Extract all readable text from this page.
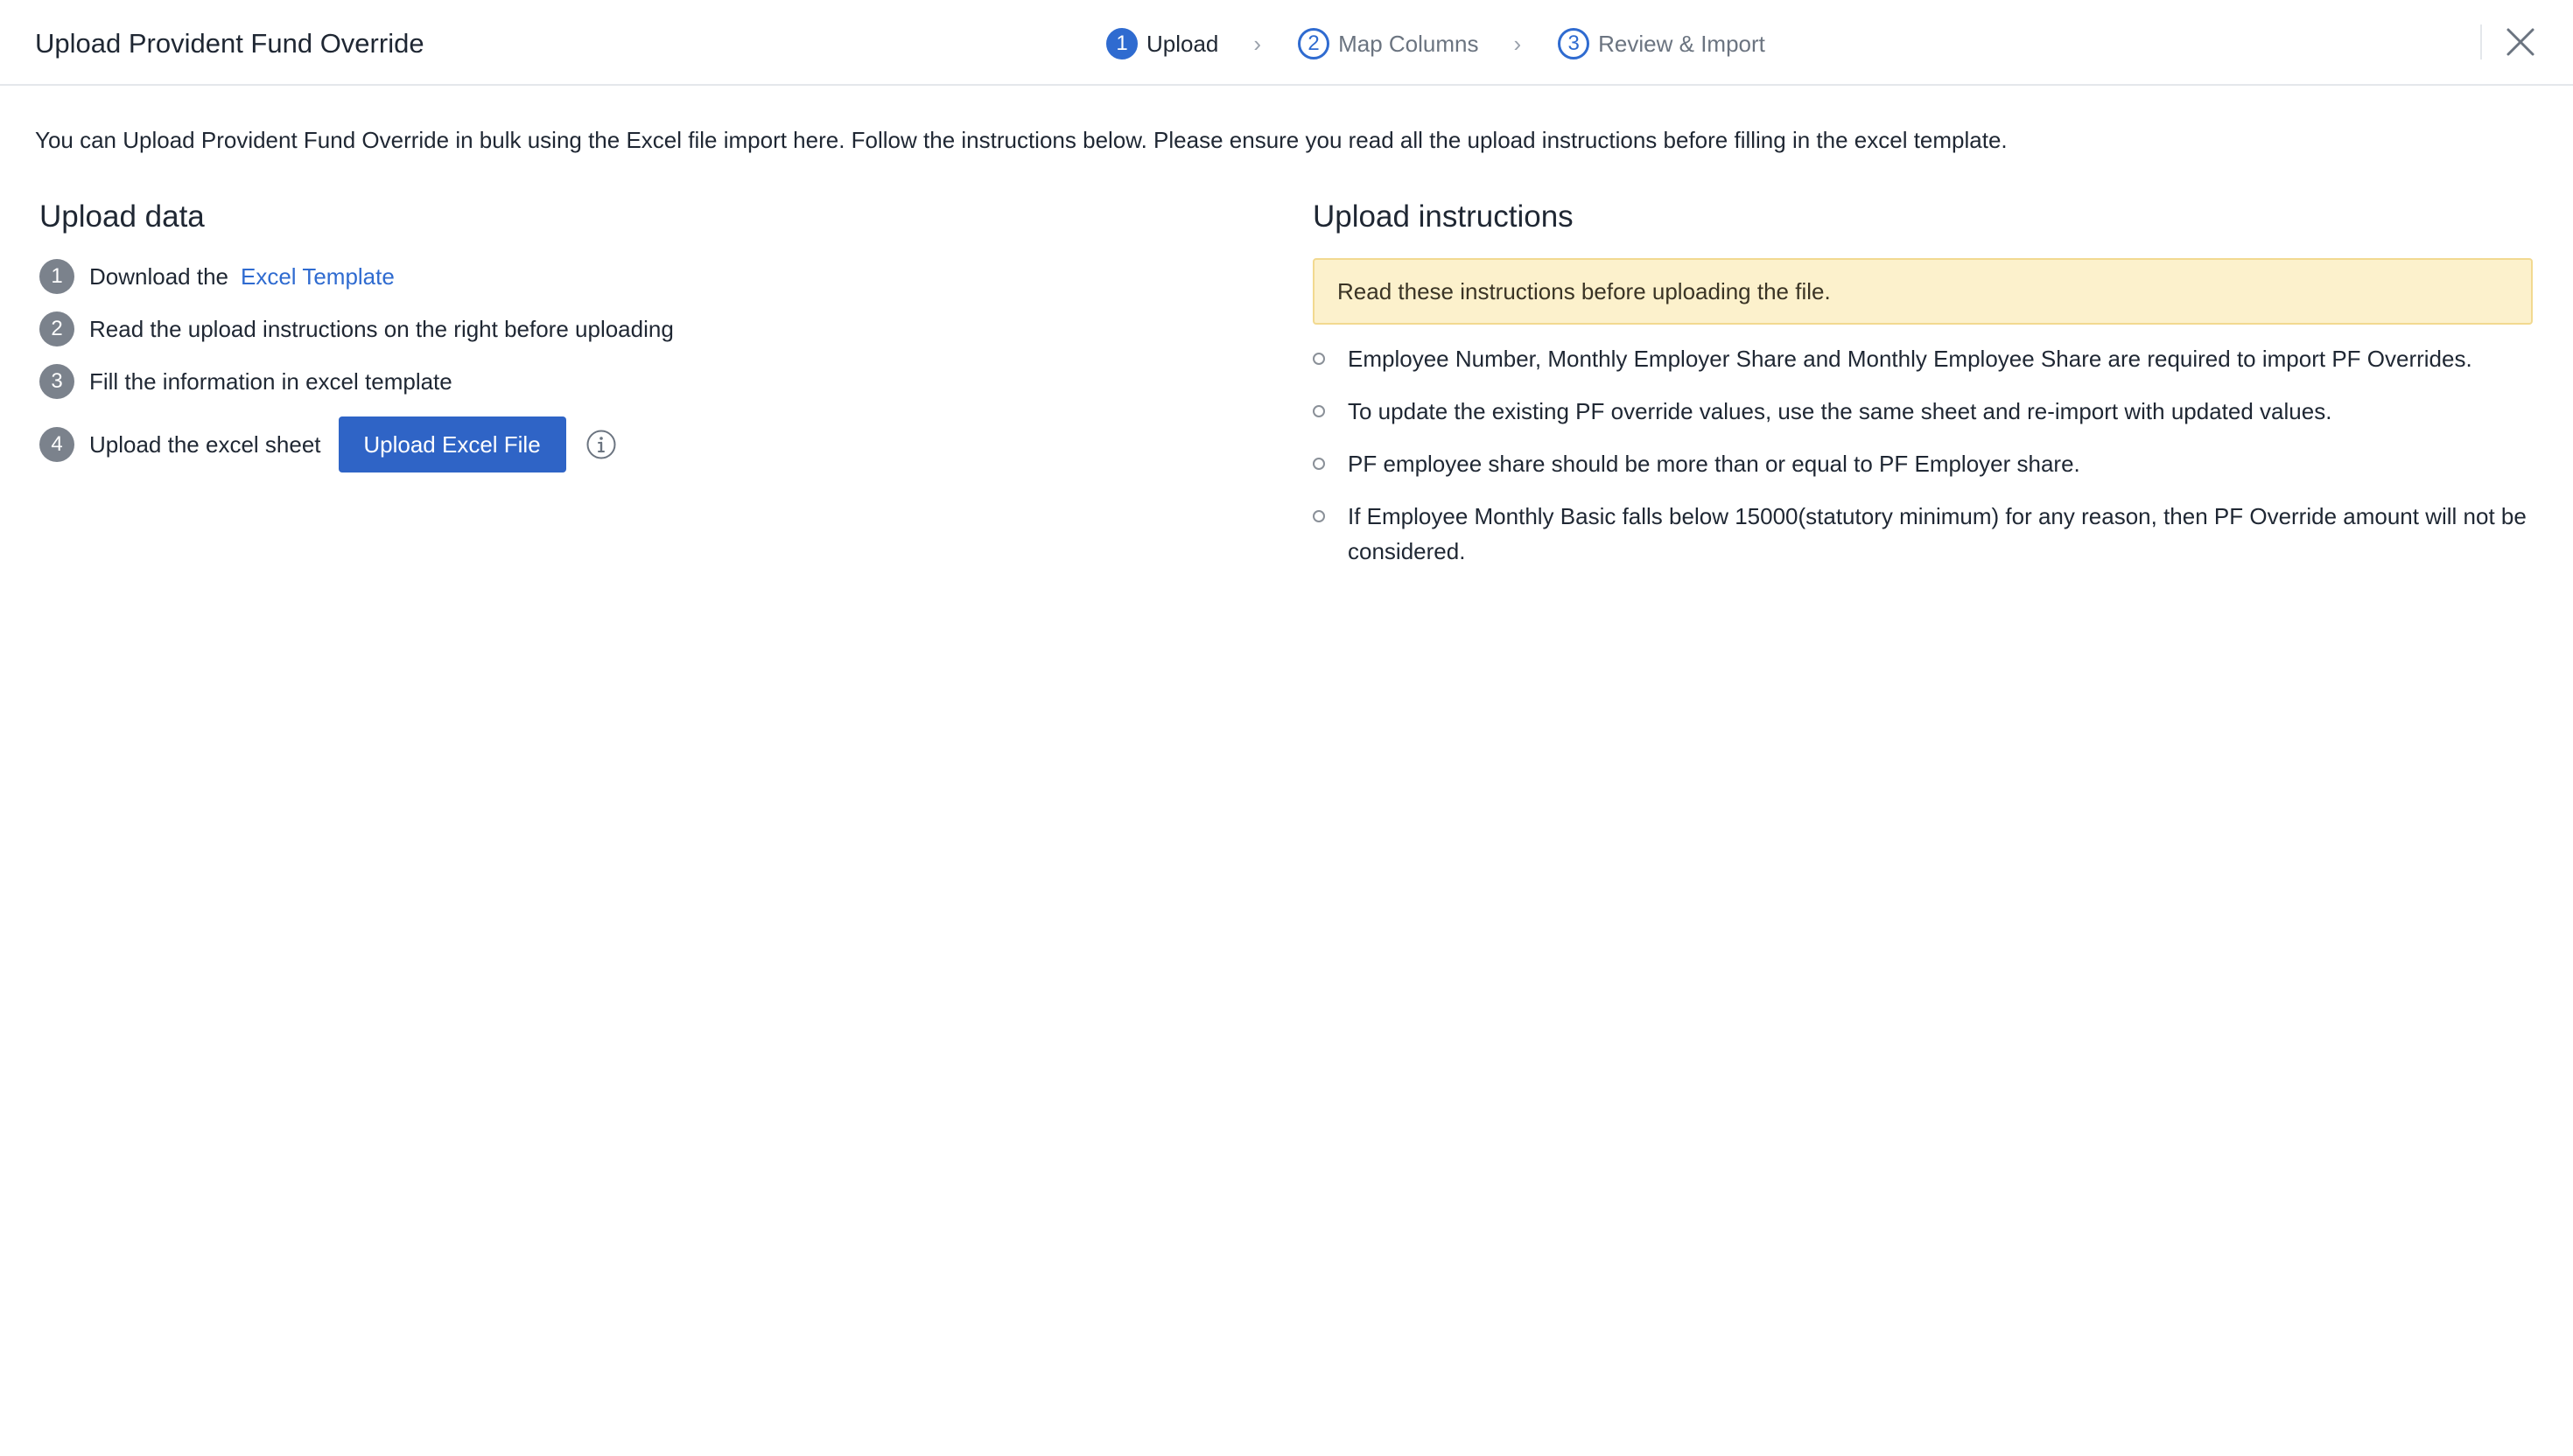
Upload Provident Fund Override	1 Upload ›	2 Map Columns ›	3 Review & Import
You can Upload Provident Fund Override in bulk using the Excel file import here. Follow the instructions below. Please ensure you read all the upload instructions before filling in the excel template.
Upload data
1	Download the Excel Template
2	Read the upload instructions on the right before uploading
3	Fill the information in excel template
4	Upload the excel sheet	Upload Excel File
Upload instructions
Read these instructions before uploading the file.
Employee Number, Monthly Employer Share and Monthly Employee Share are required to import PF Overrides.
To update the existing PF override values, use the same sheet and re-import with updated values.
PF employee share should be more than or equal to PF Employer share.
If Employee Monthly Basic falls below 15000(statutory minimum) for any reason, then PF Override amount will not be considered.
